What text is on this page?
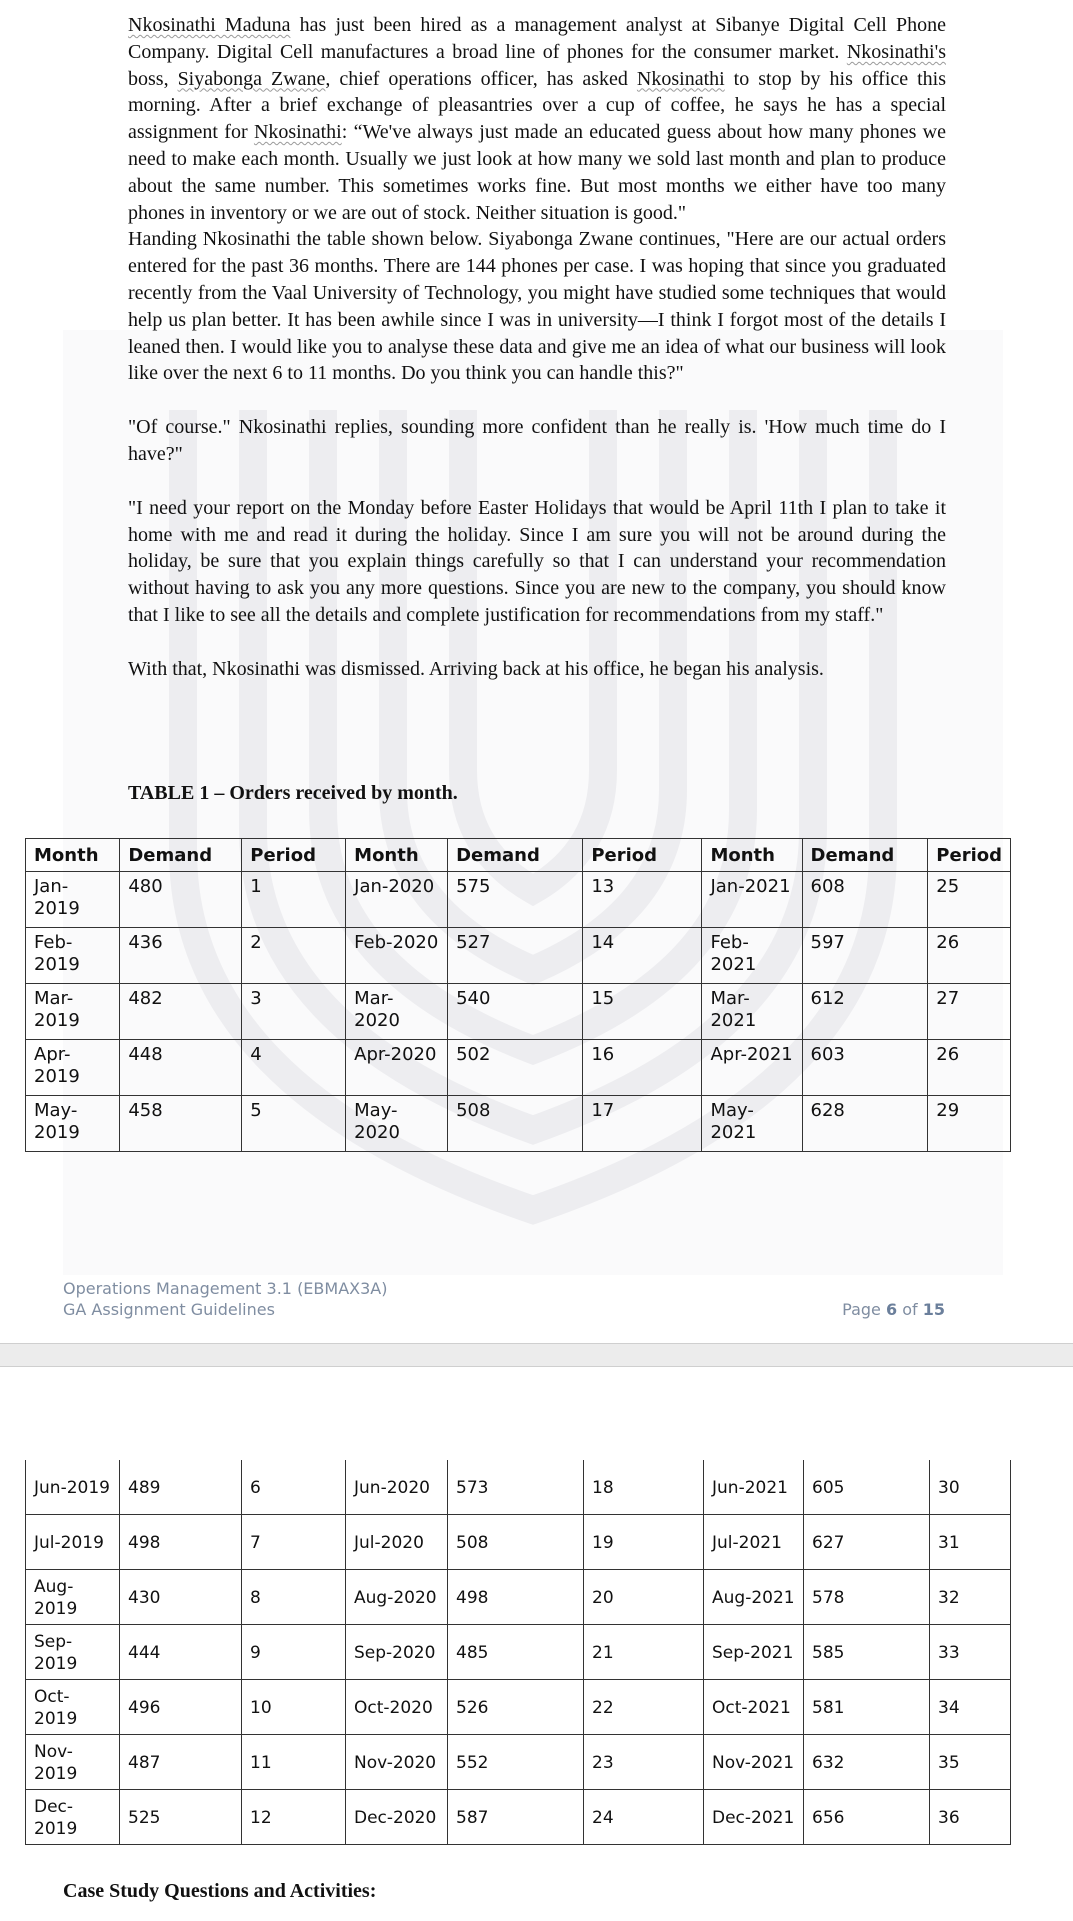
Nkosinathi Maduna has just been hired as a management analyst at Sibanye Digital Cell Phone Company. Digital Cell manufactures a broad line of phones for the consumer market. Nkosinathi's boss, Siyabonga Zwane, chief operations officer, has asked Nkosinathi to stop by his office this morning. After a brief exchange of pleasantries over a cup of coffee, he says he has a special assignment for Nkosinathi: “We've always just made an educated guess about how many phones we need to make each month. Usually we just look at how many we sold last month and plan to produce about the same number. This sometimes works fine. But most months we either have too many phones in inventory or we are out of stock. Neither situation is good."

Handing Nkosinathi the table shown below. Siyabonga Zwane continues, "Here are our actual orders entered for the past 36 months. There are 144 phones per case. I was hoping that since you graduated recently from the Vaal University of Technology, you might have studied some techniques that would help us plan better. It has been awhile since I was in university—I think I forgot most of the details I leaned then. I would like you to analyse these data and give me an idea of what our business will look like over the next 6 to 11 months. Do you think you can handle this?"

"Of course." Nkosinathi replies, sounding more confident than he really is. 'How much time do I have?"

"I need your report on the Monday before Easter Holidays that would be April 11th I plan to take it home with me and read it during the holiday. Since I am sure you will not be around during the holiday, be sure that you explain things carefully so that I can understand your recommendation without having to ask you any more questions. Since you are new to the company, you should know that I like to see all the details and complete justification for recommendations from my staff."

With that, Nkosinathi was dismissed. Arriving back at his office, he began his analysis.

TABLE 1 – Orders received by month.
Month	Demand	Period	Month	Demand	Period	Month	Demand	Period
Jan-2019	480	1	Jan-2020	575	13	Jan-2021	608	25
Feb-2019	436	2	Feb-2020	527	14	Feb-2021	597	26
Mar-2019	482	3	Mar-2020	540	15	Mar-2021	612	27
Apr-2019	448	4	Apr-2020	502	16	Apr-2021	603	26
May-2019	458	5	May-2020	508	17	May-2021	628	29
Operations Management 3.1 (EBMAX3A)
GA Assignment Guidelines	Page 6 of 15
Jun-2019	489	6	Jun-2020	573	18	Jun-2021	605	30
Jul-2019	498	7	Jul-2020	508	19	Jul-2021	627	31
Aug-2019	430	8	Aug-2020	498	20	Aug-2021	578	32
Sep-2019	444	9	Sep-2020	485	21	Sep-2021	585	33
Oct-2019	496	10	Oct-2020	526	22	Oct-2021	581	34
Nov-2019	487	11	Nov-2020	552	23	Nov-2021	632	35
Dec-2019	525	12	Dec-2020	587	24	Dec-2021	656	36
Case Study Questions and Activities:
